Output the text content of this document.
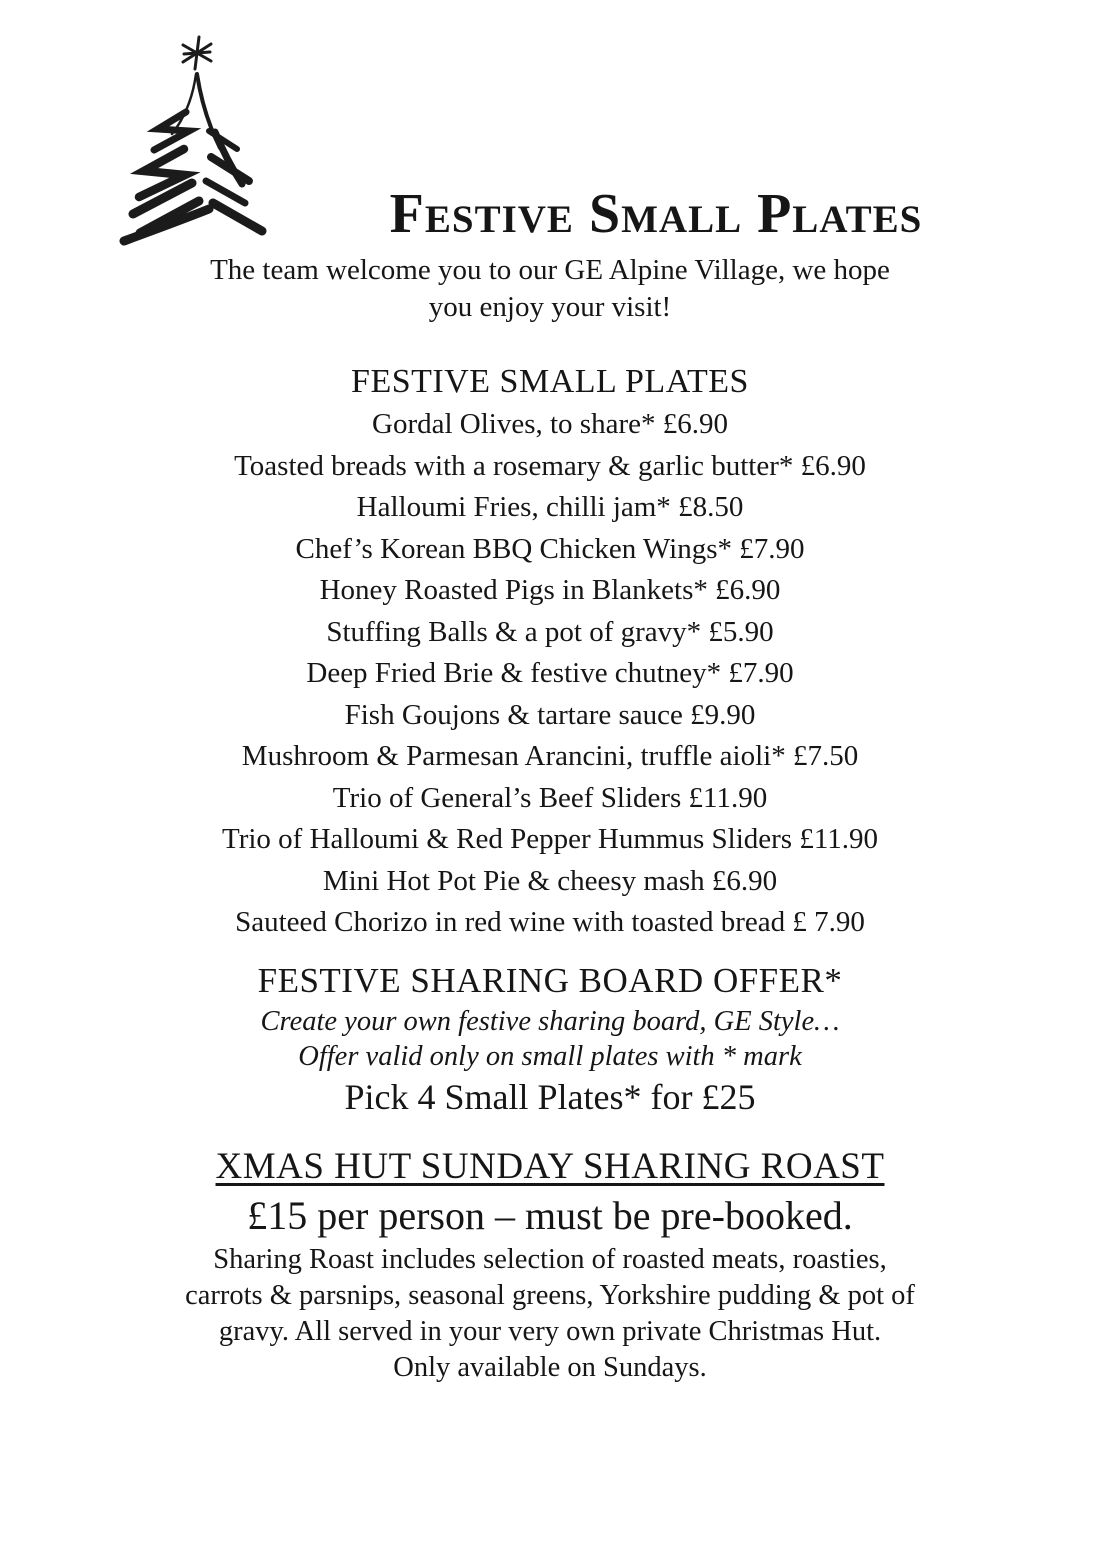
Festive Small Plates
The team welcome you to our GE Alpine Village, we hope
you enjoy your visit!
FESTIVE SMALL PLATES
Gordal Olives, to share* £6.90
Toasted breads with a rosemary & garlic butter* £6.90
Halloumi Fries, chilli jam* £8.50
Chef’s Korean BBQ Chicken Wings* £7.90
Honey Roasted Pigs in Blankets* £6.90
Stuffing Balls & a pot of gravy* £5.90
Deep Fried Brie & festive chutney* £7.90
Fish Goujons & tartare sauce £9.90
Mushroom & Parmesan Arancini, truffle aioli* £7.50
Trio of General’s Beef Sliders £11.90
Trio of Halloumi & Red Pepper Hummus Sliders £11.90
Mini Hot Pot Pie & cheesy mash £6.90
Sauteed Chorizo in red wine with toasted bread £ 7.90
FESTIVE SHARING BOARD OFFER*
Create your own festive sharing board, GE Style…
Offer valid only on small plates with * mark
Pick 4 Small Plates* for £25
XMAS HUT SUNDAY SHARING ROAST
£15 per person – must be pre-booked.
Sharing Roast includes selection of roasted meats, roasties,
carrots & parsnips, seasonal greens, Yorkshire pudding & pot of
gravy. All served in your very own private Christmas Hut.
Only available on Sundays.
